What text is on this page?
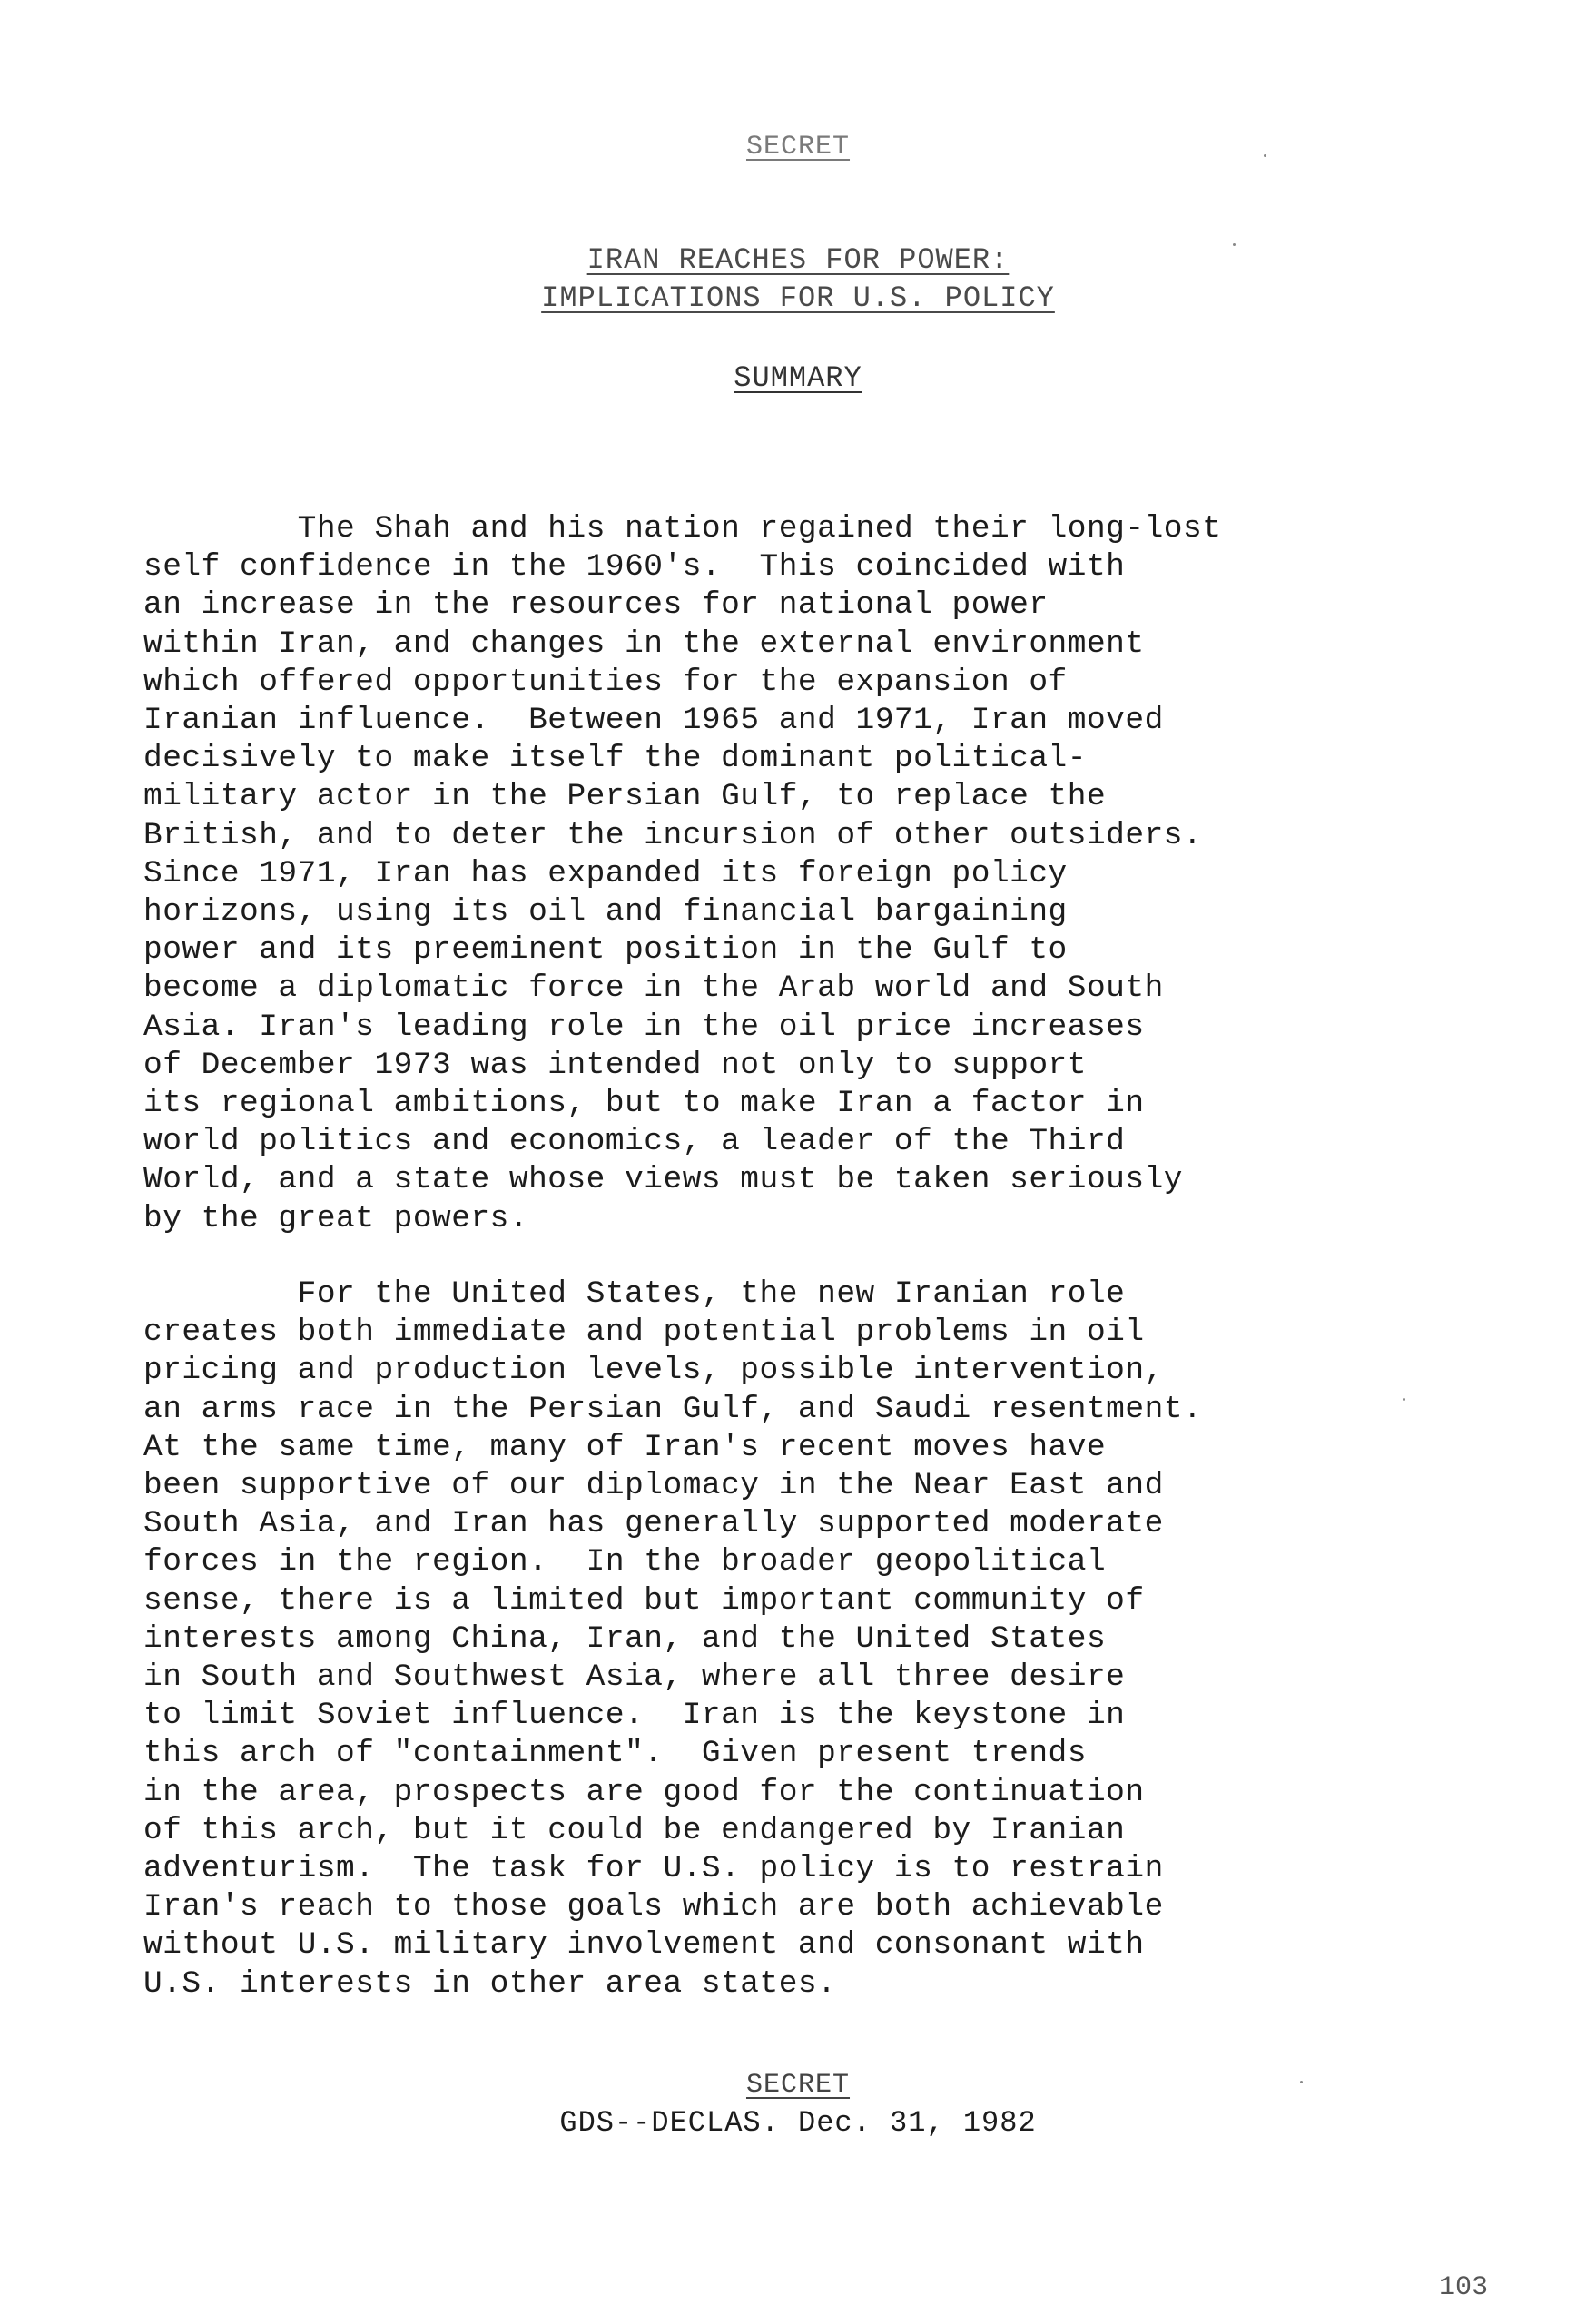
SECRET
IRAN REACHES FOR POWER:
IMPLICATIONS FOR U.S. POLICY
SUMMARY

The Shah and his nation regained their long-lost
self confidence in the 1960's.  This coincided with
an increase in the resources for national power
within Iran, and changes in the external environment
which offered opportunities for the expansion of
Iranian influence.  Between 1965 and 1971, Iran moved
decisively to make itself the dominant political-
military actor in the Persian Gulf, to replace the
British, and to deter the incursion of other outsiders.
Since 1971, Iran has expanded its foreign policy
horizons, using its oil and financial bargaining
power and its preeminent position in the Gulf to
become a diplomatic force in the Arab world and South
Asia. Iran's leading role in the oil price increases
of December 1973 was intended not only to support
its regional ambitions, but to make Iran a factor in
world politics and economics, a leader of the Third
World, and a state whose views must be taken seriously
by the great powers.

For the United States, the new Iranian role
creates both immediate and potential problems in oil
pricing and production levels, possible intervention,
an arms race in the Persian Gulf, and Saudi resentment.
At the same time, many of Iran's recent moves have
been supportive of our diplomacy in the Near East and
South Asia, and Iran has generally supported moderate
forces in the region.  In the broader geopolitical
sense, there is a limited but important community of
interests among China, Iran, and the United States
in South and Southwest Asia, where all three desire
to limit Soviet influence.  Iran is the keystone in
this arch of "containment".  Given present trends
in the area, prospects are good for the continuation
of this arch, but it could be endangered by Iranian
adventurism.  The task for U.S. policy is to restrain
Iran's reach to those goals which are both achievable
without U.S. military involvement and consonant with
U.S. interests in other area states.

SECRET
GDS--DECLAS. Dec. 31, 1982
103
